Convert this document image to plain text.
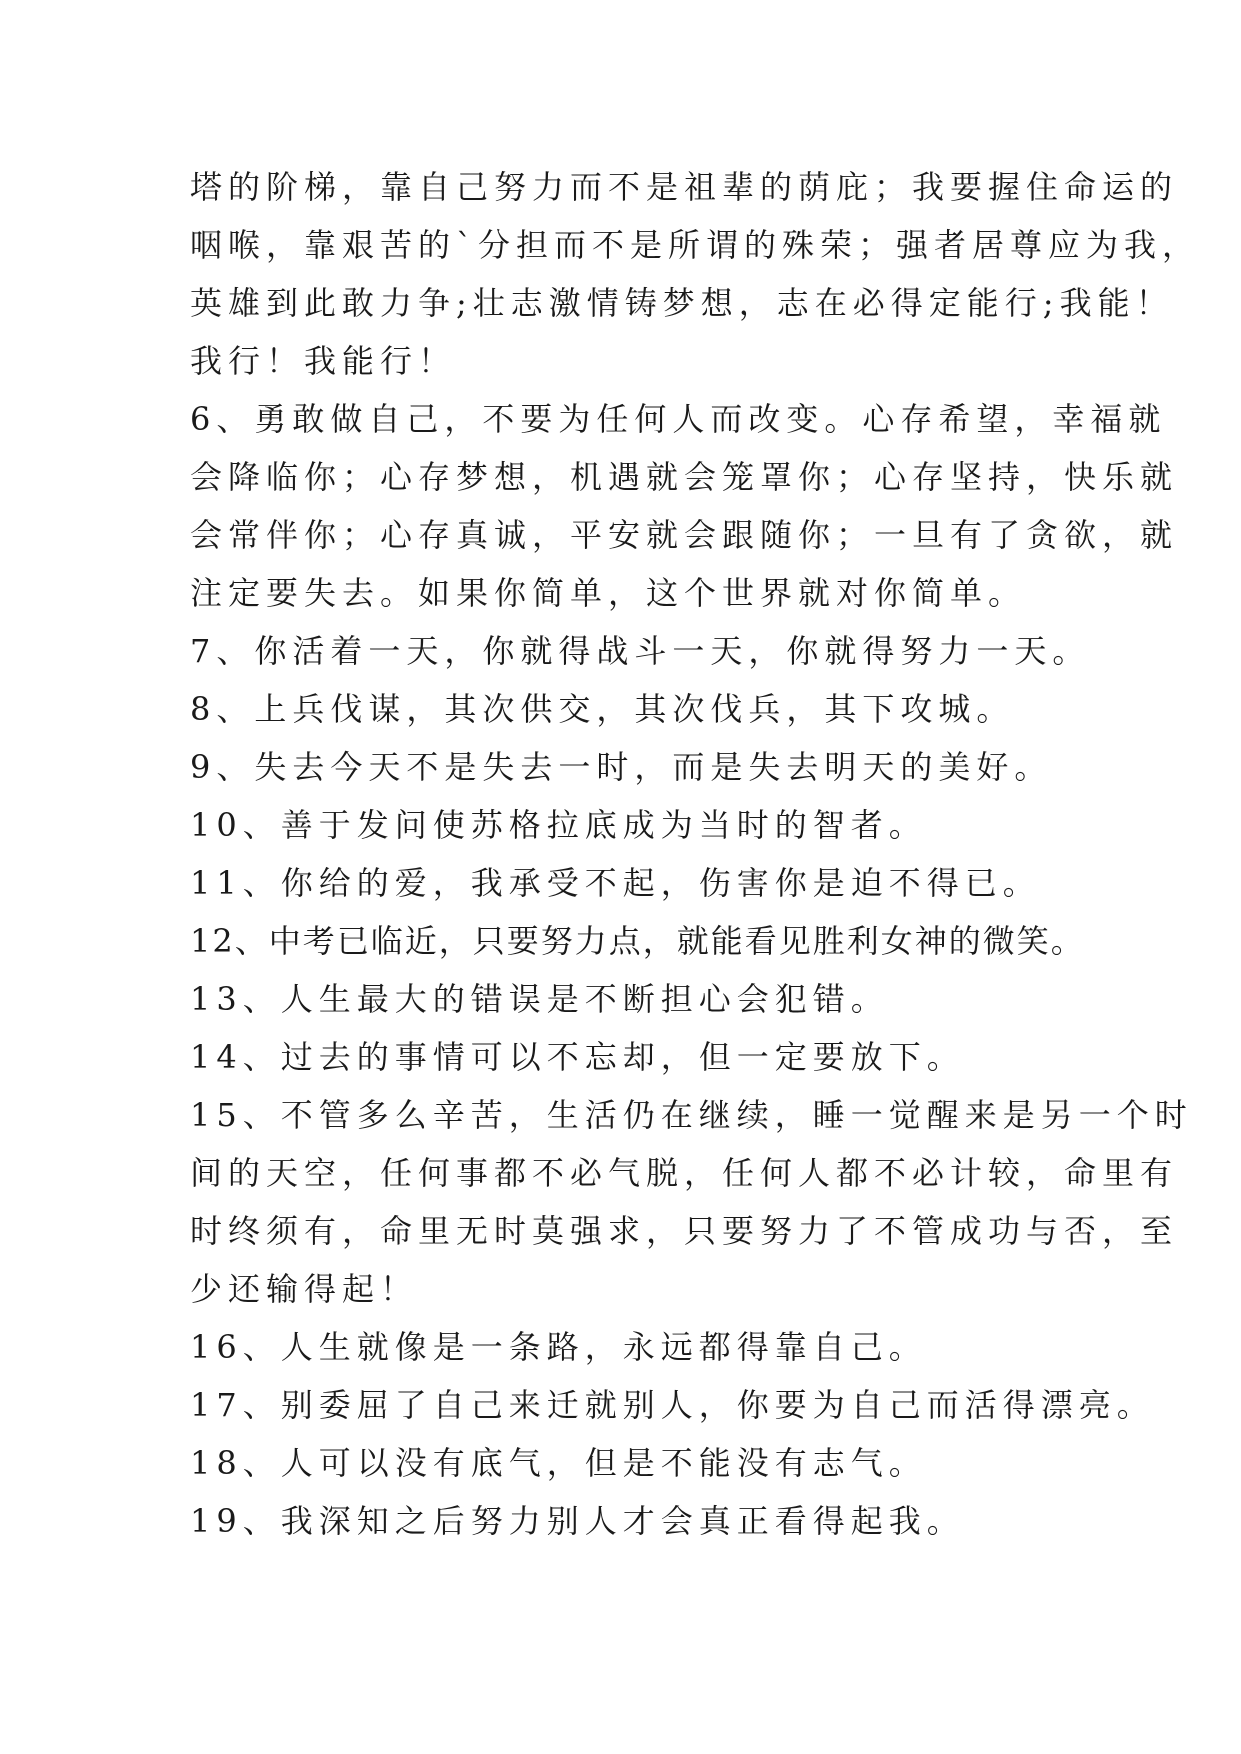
塔的阶梯，靠自己努力而不是祖辈的荫庇；我要握住命运的
咽喉，靠艰苦的`分担而不是所谓的殊荣；强者居尊应为我，
英雄到此敢力争;壮志激情铸梦想，志在必得定能行;我能！
我行！我能行！
6、勇敢做自己，不要为任何人而改变。心存希望，幸福就
会降临你；心存梦想，机遇就会笼罩你；心存坚持，快乐就
会常伴你；心存真诚，平安就会跟随你；一旦有了贪欲，就
注定要失去。如果你简单，这个世界就对你简单。
7、你活着一天，你就得战斗一天，你就得努力一天。
8、上兵伐谋，其次供交，其次伐兵，其下攻城。
9、失去今天不是失去一时，而是失去明天的美好。
10、善于发问使苏格拉底成为当时的智者。
11、你给的爱，我承受不起，伤害你是迫不得已。
12、中考已临近，只要努力点，就能看见胜利女神的微笑。
13、人生最大的错误是不断担心会犯错。
14、过去的事情可以不忘却，但一定要放下。
15、不管多么辛苦，生活仍在继续，睡一觉醒来是另一个时
间的天空，任何事都不必气脱，任何人都不必计较，命里有
时终须有，命里无时莫强求，只要努力了不管成功与否，至
少还输得起！
16、人生就像是一条路，永远都得靠自己。
17、别委屈了自己来迁就别人，你要为自己而活得漂亮。
18、人可以没有底气，但是不能没有志气。
19、我深知之后努力别人才会真正看得起我。
